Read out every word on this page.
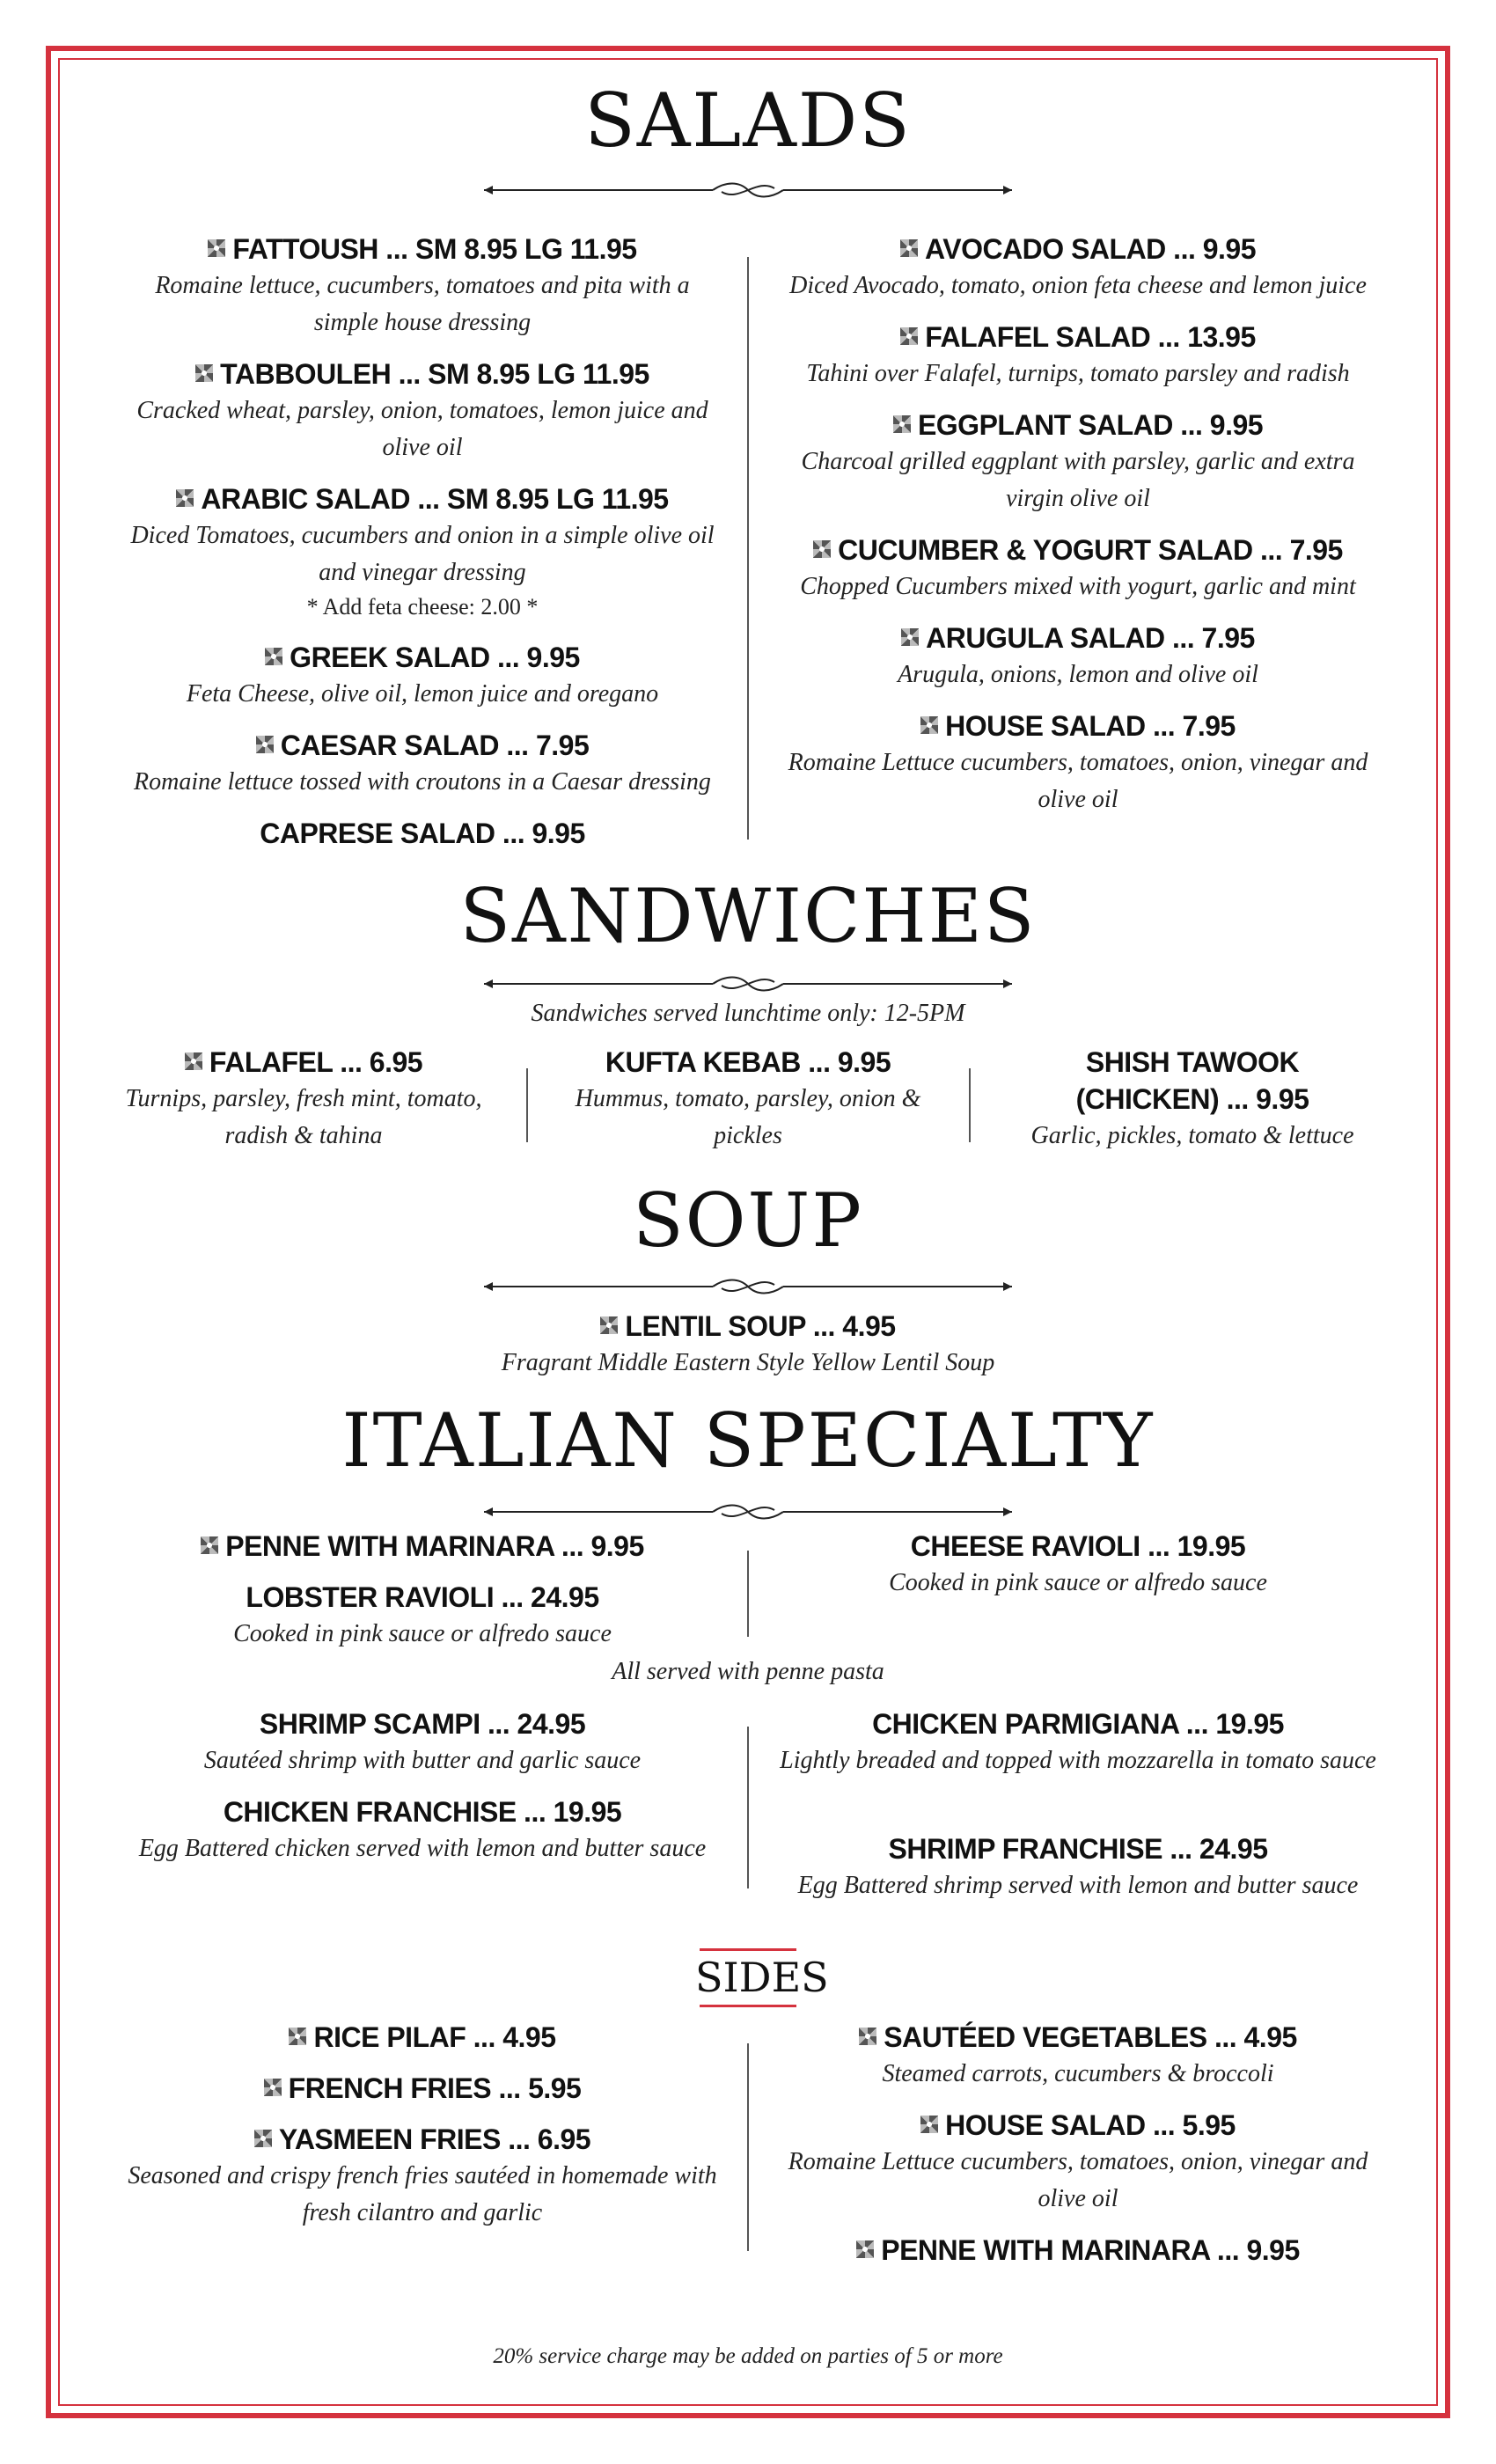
SALADS
FATTOUSH ... SM 8.95 LG 11.95
Romaine lettuce, cucumbers, tomatoes and pita with a simple house dressing
TABBOULEH ... SM 8.95 LG 11.95
Cracked wheat, parsley, onion, tomatoes, lemon juice and olive oil
ARABIC SALAD ... SM 8.95 LG 11.95
Diced Tomatoes, cucumbers and onion in a simple olive oil and vinegar dressing
* Add feta cheese: 2.00 *
GREEK SALAD ... 9.95
Feta Cheese, olive oil, lemon juice and oregano
CAESAR SALAD ... 7.95
Romaine lettuce tossed with croutons in a Caesar dressing
CAPRESE SALAD ... 9.95
AVOCADO SALAD ... 9.95
Diced Avocado, tomato, onion feta cheese and lemon juice
FALAFEL SALAD ... 13.95
Tahini over Falafel, turnips, tomato parsley and radish
EGGPLANT SALAD ... 9.95
Charcoal grilled eggplant with parsley, garlic and extra virgin olive oil
CUCUMBER & YOGURT SALAD ... 7.95
Chopped Cucumbers mixed with yogurt, garlic and mint
ARUGULA SALAD ... 7.95
Arugula, onions, lemon and olive oil
HOUSE SALAD ... 7.95
Romaine Lettuce cucumbers, tomatoes, onion, vinegar and olive oil
SANDWICHES
Sandwiches served lunchtime only: 12-5PM
FALAFEL ... 6.95
Turnips, parsley, fresh mint, tomato, radish & tahina
KUFTA KEBAB ... 9.95
Hummus, tomato, parsley, onion & pickles
SHISH TAWOOK (CHICKEN) ... 9.95
Garlic, pickles, tomato & lettuce
SOUP
LENTIL SOUP ... 4.95
Fragrant Middle Eastern Style Yellow Lentil Soup
ITALIAN SPECIALTY
PENNE WITH MARINARA ... 9.95
LOBSTER RAVIOLI ... 24.95
Cooked in pink sauce or alfredo sauce
CHEESE RAVIOLI ... 19.95
Cooked in pink sauce or alfredo sauce
All served with penne pasta
SHRIMP SCAMPI ... 24.95
Sautéed shrimp with butter and garlic sauce
CHICKEN FRANCHISE ... 19.95
Egg Battered chicken served with lemon and butter sauce
CHICKEN PARMIGIANA ... 19.95
Lightly breaded and topped with mozzarella in tomato sauce
SHRIMP FRANCHISE ... 24.95
Egg Battered shrimp served with lemon and butter sauce
SIDES
RICE PILAF ... 4.95
FRENCH FRIES ... 5.95
YASMEEN FRIES ... 6.95
Seasoned and crispy french fries sautéed in homemade with fresh cilantro and garlic
SAUTÉED VEGETABLES ... 4.95
Steamed carrots, cucumbers & broccoli
HOUSE SALAD ... 5.95
Romaine Lettuce cucumbers, tomatoes, onion, vinegar and olive oil
PENNE WITH MARINARA ... 9.95
20% service charge may be added on parties of 5 or more
